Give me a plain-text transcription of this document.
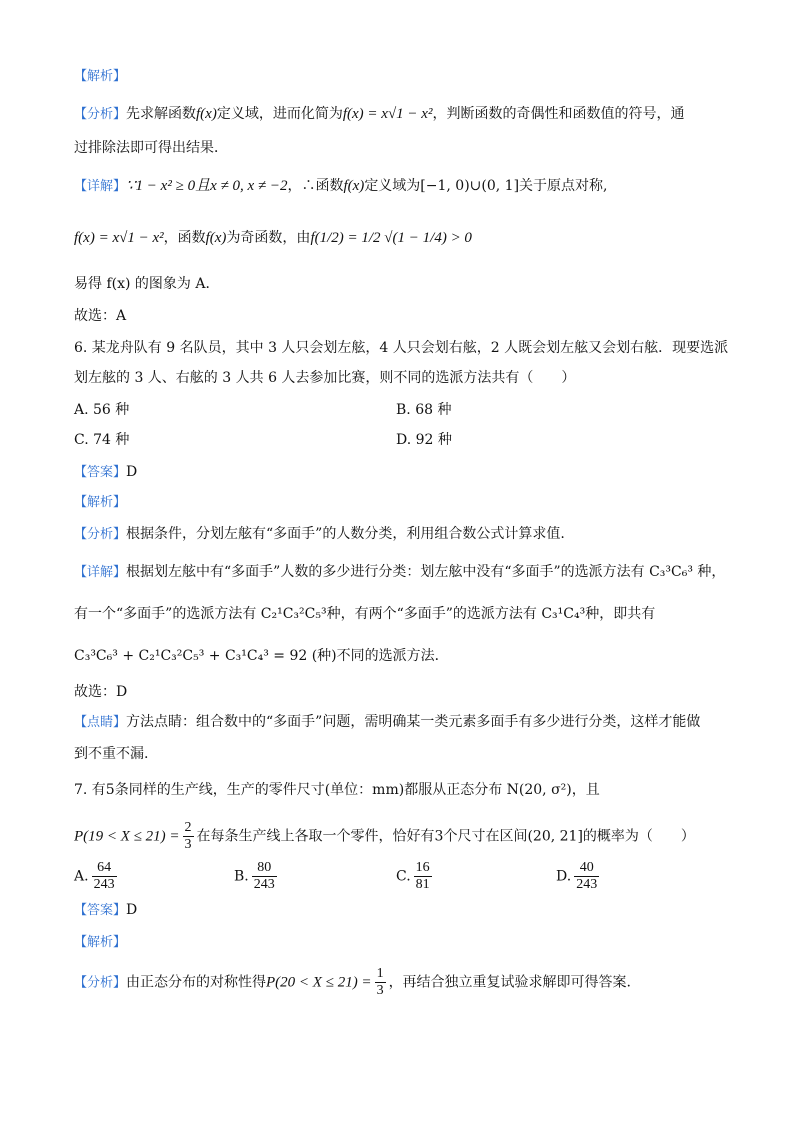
【解析】
【分析】先求解函数f(x)定义域，进而化简为f(x) = x√1 − x²，判断函数的奇偶性和函数值的符号，通
过排除法即可得出结果．
【详解】∵1 − x² ≥ 0且x ≠ 0, x ≠ −2，∴函数f(x)定义域为[−1, 0)∪(0, 1]关于原点对称,
f(x) = x√1 − x²，函数f(x)为奇函数，由f(1/2) = 1/2 √(1 − 1/4) > 0
易得 f(x) 的图象为 A．
故选：A
6. 某龙舟队有 9 名队员，其中 3 人只会划左舷，4 人只会划右舷，2 人既会划左舷又会划右舷．现要选派
划左舷的 3 人、右舷的 3 人共 6 人去参加比赛，则不同的选派方法共有（　　）
A. 56 种	B. 68 种
C. 74 种	D. 92 种
【答案】D
【解析】
【分析】根据条件，分划左舷有“多面手”的人数分类，利用组合数公式计算求值.
【详解】根据划左舷中有“多面手”人数的多少进行分类：划左舷中没有“多面手”的选派方法有 C₃³C₆³ 种，
有一个“多面手”的选派方法有 C₂¹C₃²C₅³种，有两个“多面手”的选派方法有 C₃¹C₄³种，即共有
C₃³C₆³ + C₂¹C₃²C₅³ + C₃¹C₄³ = 92 (种)不同的选派方法．
故选：D
【点睛】方法点睛：组合数中的“多面手”问题，需明确某一类元素多面手有多少进行分类，这样才能做
到不重不漏.
7. 有5条同样的生产线，生产的零件尺寸(单位：mm)都服从正态分布 N(20, σ²)，且
$P(19 < X \le 21) = \frac{2}{3}$ 在每条生产线上各取一个零件，恰好有3个尺寸在区间(20, 21]的概率为（　　）
A. $\frac{64}{243}$	B. $\frac{80}{243}$	C. $\frac{16}{81}$	D. $\frac{40}{243}$
【答案】D
【解析】
【分析】由正态分布的对称性得$P(20 < X \le 21) = \frac{1}{3}$ ，再结合独立重复试验求解即可得答案.
